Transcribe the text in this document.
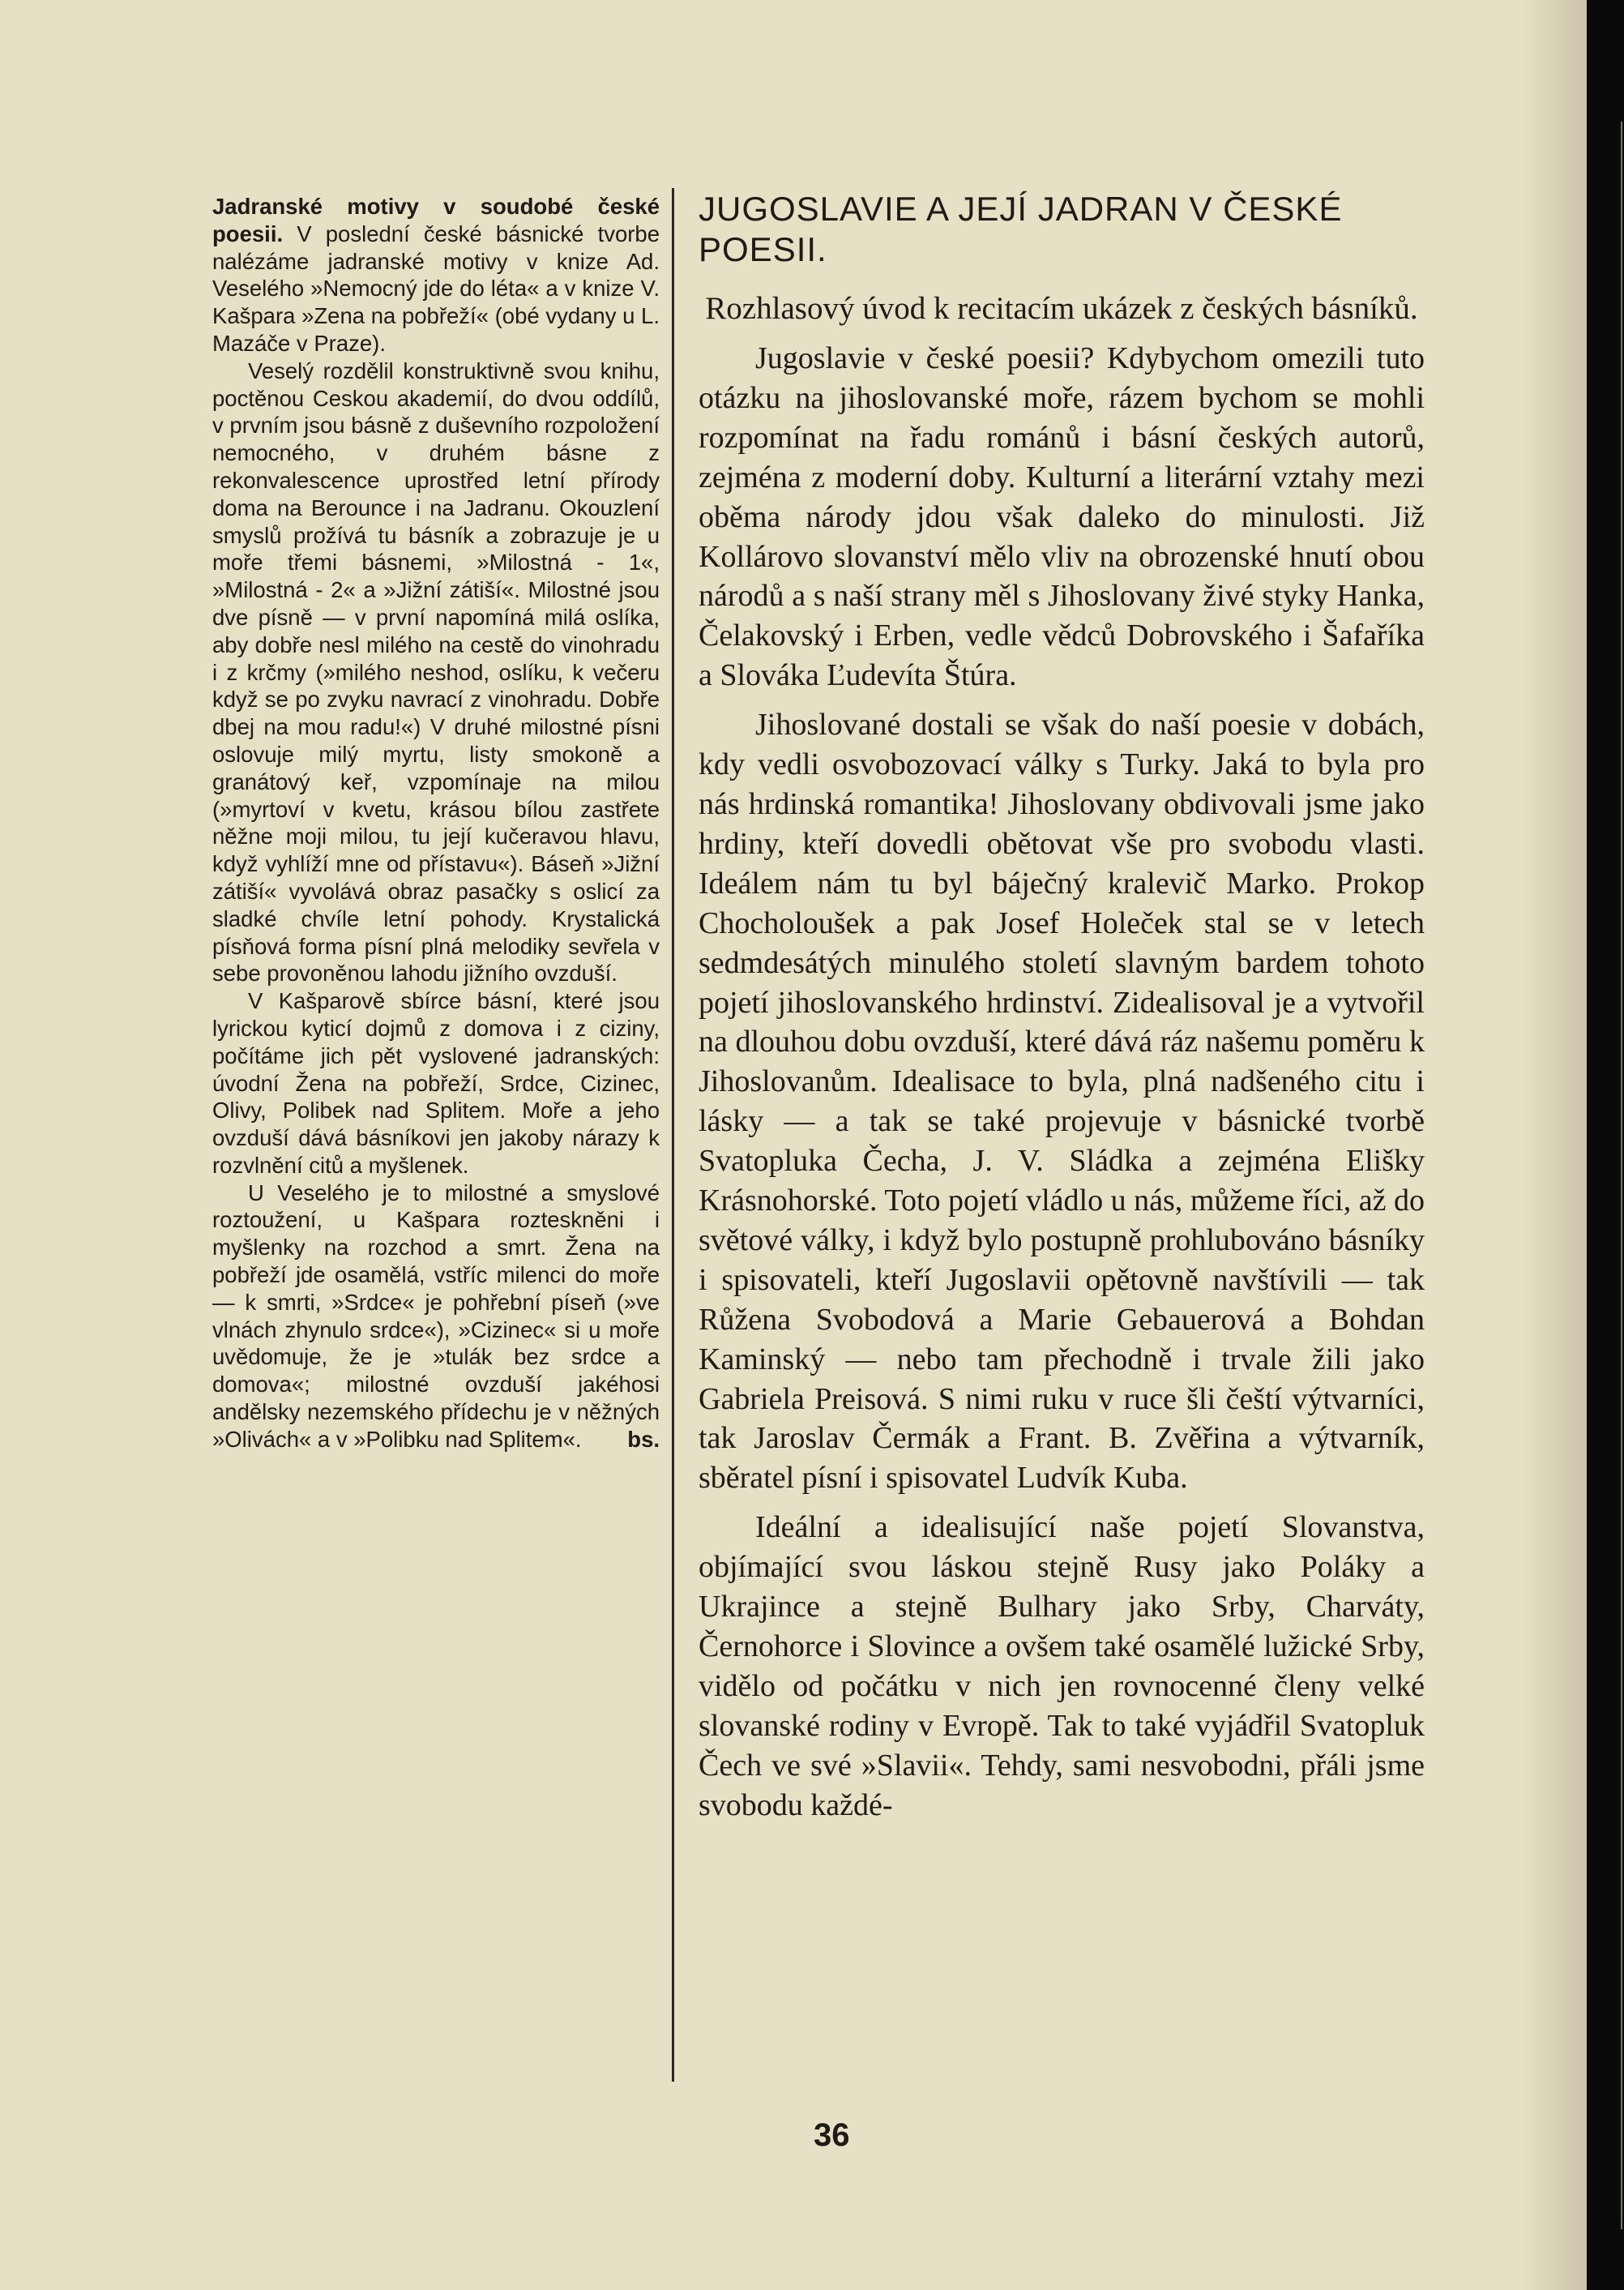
Jadranské motivy v soudobé české poesii. V poslední české básnické tvorbe nalézáme jadranské motivy v knize Ad. Veselého »Nemocný jde do léta« a v knize V. Kašpara »Zena na pobřeží« (obé vydany u L. Mazáče v Praze).

Veselý rozdělil konstruktivně svou knihu, poctěnou Ceskou akademií, do dvou oddílů, v prvním jsou básně z duševního rozpoložení nemocného, v druhém básne z rekonvalescence uprostřed letní přírody doma na Berounce i na Jadranu. Okouzlení smyslů prožívá tu básník a zobrazuje je u moře třemi básnemi, »Milostná - 1«, »Milostná - 2« a »Jižní zátiší«. Milostné jsou dve písně — v první napomíná milá oslíka, aby dobře nesl milého na cestě do vinohradu i z krčmy (»milého neshod, oslíku, k večeru když se po zvyku navrací z vinohradu. Dobře dbej na mou radu!«) V druhé milostné písni oslovuje milý myrtu, listy smokoně a granátový keř, vzpomínaje na milou (»myrtoví v kvetu, krásou bílou zastřete něžne moji milou, tu její kučeravou hlavu, když vyhlíží mne od přístavu«). Báseň »Jižní zátiší« vyvolává obraz pasačky s oslicí za sladké chvíle letní pohody. Krystalická písňová forma písní plná melodiky sevřela v sebe provoněnou lahodu jižního ovzduší.

V Kašparově sbírce básní, které jsou lyrickou kyticí dojmů z domova i z ciziny, počítáme jich pět vyslovené jadranských: úvodní Žena na pobřeží, Srdce, Cizinec, Olivy, Polibek nad Splitem. Moře a jeho ovzduší dává básníkovi jen jakoby nárazy k rozvlnění citů a myšlenek.

U Veselého je to milostné a smyslové roztoužení, u Kašpara rozteskněni i myšlenky na rozchod a smrt. Žena na pobřeží jde osamělá, vstříc milenci do moře — k smrti, »Srdce« je pohřební píseň (»ve vlnách zhynulo srdce«), »Cizinec« si u moře uvědomuje, že je »tulák bez srdce a domova«; milostné ovzduší jakéhosi andělsky nezemského přídechu je v něžných »Olivách« a v »Polibku nad Splitem«.	bs.

JUGOSLAVIE A JEJÍ JADRAN V ČESKÉ POESII.
Rozhlasový úvod k recitacím ukázek z českých básníků.

Jugoslavie v české poesii? Kdybychom omezili tuto otázku na jihoslovanské moře, rázem bychom se mohli rozpomínat na řadu románů i básní českých autorů, zejména z moderní doby. Kulturní a literární vztahy mezi oběma národy jdou však daleko do minulosti. Již Kollárovo slovanství mělo vliv na obrozenské hnutí obou národů a s naší strany měl s Jihoslovany živé styky Hanka, Čelakovský i Erben, vedle vědců Dobrovského i Šafaříka a Slováka Ľudevíta Štúra.

Jihoslované dostali se však do naší poesie v dobách, kdy vedli osvobozovací války s Turky. Jaká to byla pro nás hrdinská romantika! Jihoslovany obdivovali jsme jako hrdiny, kteří dovedli obětovat vše pro svobodu vlasti. Ideálem nám tu byl báječný kralevič Marko. Prokop Chocholoušek a pak Josef Holeček stal se v letech sedmdesátých minulého století slavným bardem tohoto pojetí jihoslovanského hrdinství. Zidealisoval je a vytvořil na dlouhou dobu ovzduší, které dává ráz našemu poměru k Jihoslovanům. Idealisace to byla, plná nadšeného citu i lásky — a tak se také projevuje v básnické tvorbě Svatopluka Čecha, J. V. Sládka a zejména Elišky Krásnohorské. Toto pojetí vládlo u nás, můžeme říci, až do světové války, i když bylo postupně prohlubováno básníky i spisovateli, kteří Jugoslavii opětovně navštívili — tak Růžena Svobodová a Marie Gebauerová a Bohdan Kaminský — nebo tam přechodně i trvale žili jako Gabriela Preisová. S nimi ruku v ruce šli čeští výtvarníci, tak Jaroslav Čermák a Frant. B. Zvěřina a výtvarník, sběratel písní i spisovatel Ludvík Kuba.

Ideální a idealisující naše pojetí Slovanstva, objímající svou láskou stejně Rusy jako Poláky a Ukrajince a stejně Bulhary jako Srby, Charváty, Černohorce i Slovince a ovšem také osamělé lužické Srby, vidělo od počátku v nich jen rovnocenné členy velké slovanské rodiny v Evropě. Tak to také vyjádřil Svatopluk Čech ve své »Slavii«. Tehdy, sami nesvobodni, přáli jsme svobodu každé-

36
